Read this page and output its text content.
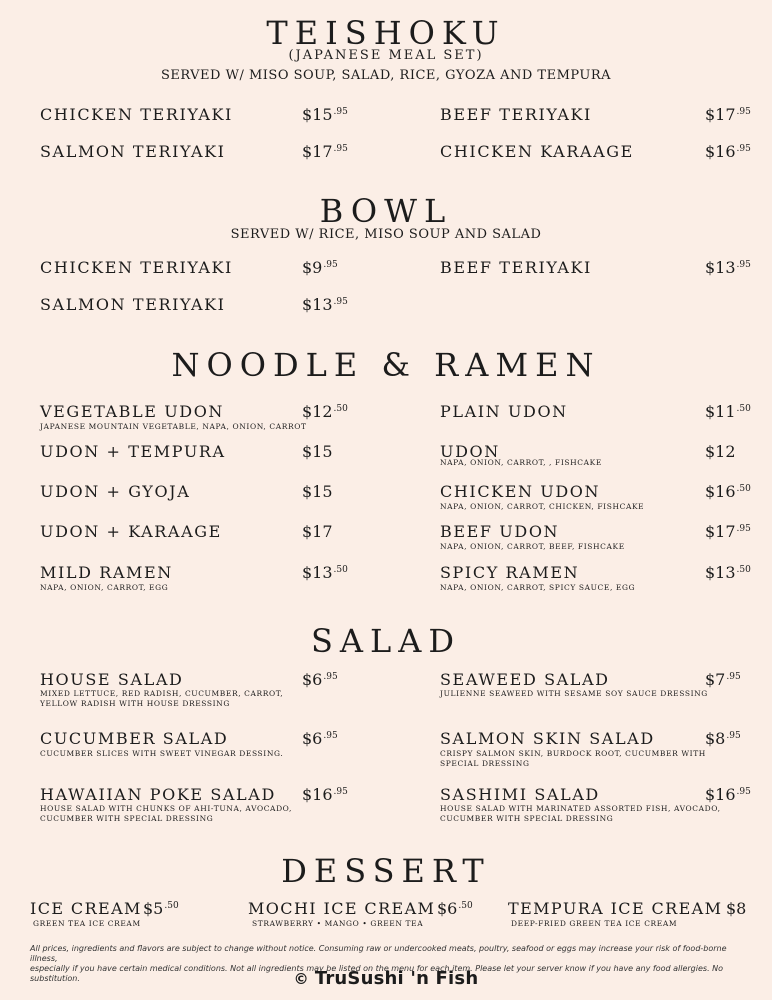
TEISHOKU
(JAPANESE MEAL SET)
SERVED W/ MISO SOUP, SALAD, RICE, GYOZA AND TEMPURA
CHICKEN TERIYAKI	$\$15^{.95}$	BEEF TERIYAKI	$\$17^{.95}$
SALMON TERIYAKI	$\$17^{.95}$	CHICKEN KARAAGE	$\$16^{.95}$
BOWL
SERVED W/ RICE, MISO SOUP AND SALAD
CHICKEN TERIYAKI	$\$9^{.95}$	BEEF TERIYAKI	$\$13^{.95}$
SALMON TERIYAKI	$\$13^{.95}$
NOODLE & RAMEN
VEGETABLE UDON	$\$12^{.50}$
JAPANESE MOUNTAIN VEGETABLE, NAPA, ONION, CARROT
PLAIN UDON	$\$11^{.50}$
UDON + TEMPURA	$15	UDON	$12
NAPA, ONION, CARROT, , FISHCAKE
UDON + GYOJA	$15	CHICKEN UDON	$\$16^{.50}$
NAPA, ONION, CARROT, CHICKEN, FISHCAKE
UDON + KARAAGE	$17	BEEF UDON	$\$17^{.95}$
NAPA, ONION, CARROT, BEEF, FISHCAKE
MILD RAMEN	$\$13^{.50}$
NAPA, ONION, CARROT, EGG
SPICY RAMEN	$\$13^{.50}$
NAPA, ONION, CARROT, SPICY SAUCE, EGG
SALAD
HOUSE SALAD	$\$6^{.95}$
MIXED LETTUCE, RED RADISH, CUCUMBER, CARROT,
YELLOW RADISH WITH HOUSE DRESSING
SEAWEED SALAD	$\$7^{.95}$
JULIENNE SEAWEED WITH SESAME SOY SAUCE DRESSING
CUCUMBER SALAD	$\$6^{.95}$
CUCUMBER SLICES WITH SWEET VINEGAR DESSING.
SALMON SKIN SALAD	$\$8^{.95}$
CRISPY SALMON SKIN, BURDOCK ROOT, CUCUMBER WITH
SPECIAL DRESSING
HAWAIIAN POKE SALAD $\$16^{.95}$
HOUSE SALAD WITH CHUNKS OF AHI-TUNA, AVOCADO,
CUCUMBER WITH SPECIAL DRESSING
SASHIMI SALAD	$\$16^{.95}$
HOUSE SALAD WITH MARINATED ASSORTED FISH, AVOCADO,
CUCUMBER WITH SPECIAL DRESSING
DESSERT
ICE CREAM $\$5^{.50}$
GREEN TEA ICE CREAM
MOCHI ICE CREAM $\$6^{.50}$
STRAWBERRY • MANGO • GREEN TEA
TEMPURA ICE CREAM $8
DEEP-FRIED GREEN TEA ICE CREAM
All prices, ingredients and flavors are subject to change without notice. Consuming raw or undercooked meats, poultry, seafood or eggs may increase your risk of food-borne illness,
especially if you have certain medical conditions. Not all ingredients may be listed on the menu for each item. Please let your server know if you have any food allergies. No substitution.	© TruSushi 'n Fish
